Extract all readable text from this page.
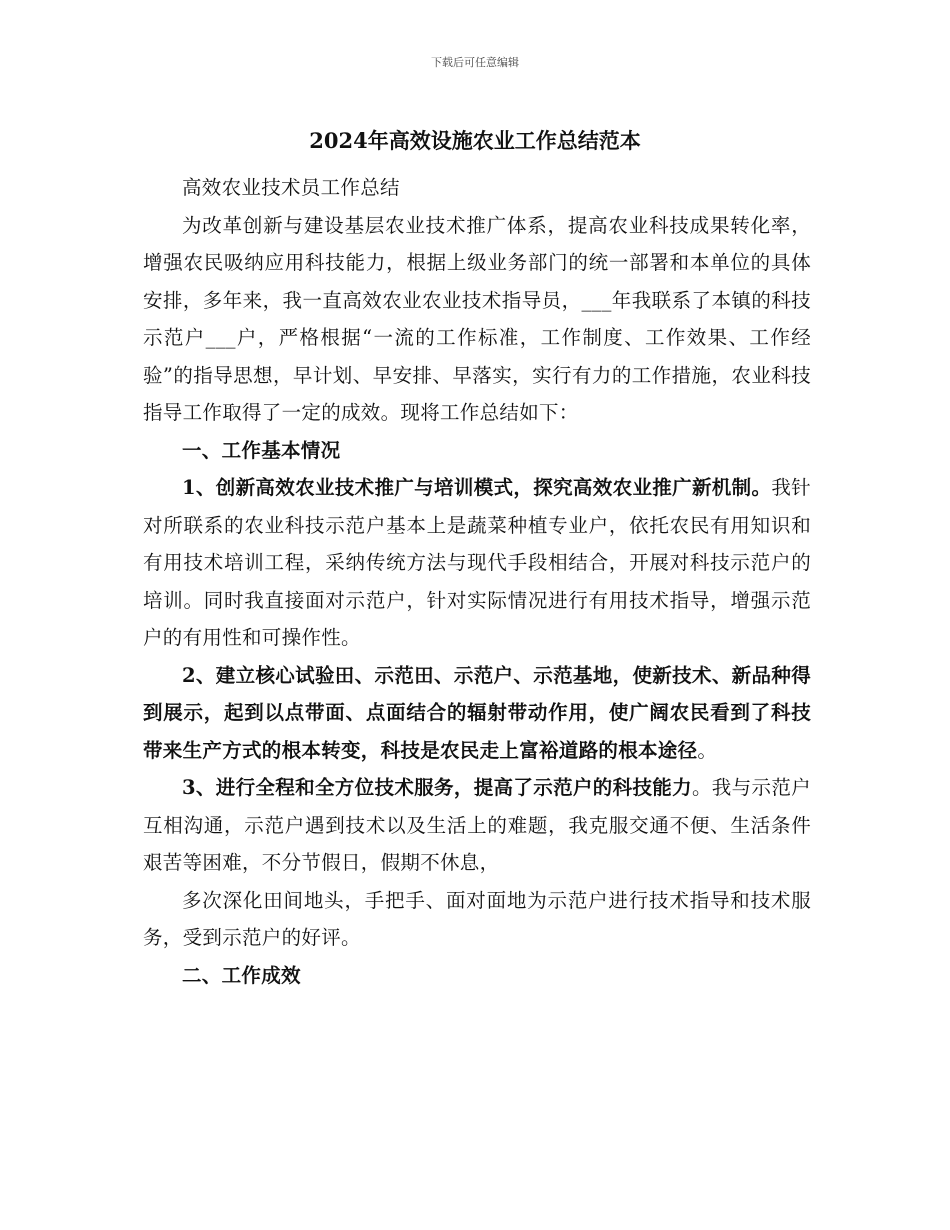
下载后可任意编辑
2024年高效设施农业工作总结范本

高效农业技术员工作总结

为改革创新与建设基层农业技术推广体系，提高农业科技成果转化率，增强农民吸纳应用科技能力，根据上级业务部门的统一部署和本单位的具体安排，多年来，我一直高效农业农业技术指导员，___年我联系了本镇的科技示范户___户，严格根据“一流的工作标准，工作制度、工作效果、工作经验”的指导思想，早计划、早安排、早落实，实行有力的工作措施，农业科技指导工作取得了一定的成效。现将工作总结如下：

一、工作基本情况

1、创新高效农业技术推广与培训模式，探究高效农业推广新机制。我针对所联系的农业科技示范户基本上是蔬菜种植专业户，依托农民有用知识和有用技术培训工程，采纳传统方法与现代手段相结合，开展对科技示范户的培训。同时我直接面对示范户，针对实际情况进行有用技术指导，增强示范户的有用性和可操作性。

2、建立核心试验田、示范田、示范户、示范基地，使新技术、新品种得到展示，起到以点带面、点面结合的辐射带动作用，使广阔农民看到了科技带来生产方式的根本转变，科技是农民走上富裕道路的根本途径。

3、进行全程和全方位技术服务，提高了示范户的科技能力。我与示范户互相沟通，示范户遇到技术以及生活上的难题，我克服交通不便、生活条件艰苦等困难，不分节假日，假期不休息，

多次深化田间地头，手把手、面对面地为示范户进行技术指导和技术服务，受到示范户的好评。

二、工作成效
